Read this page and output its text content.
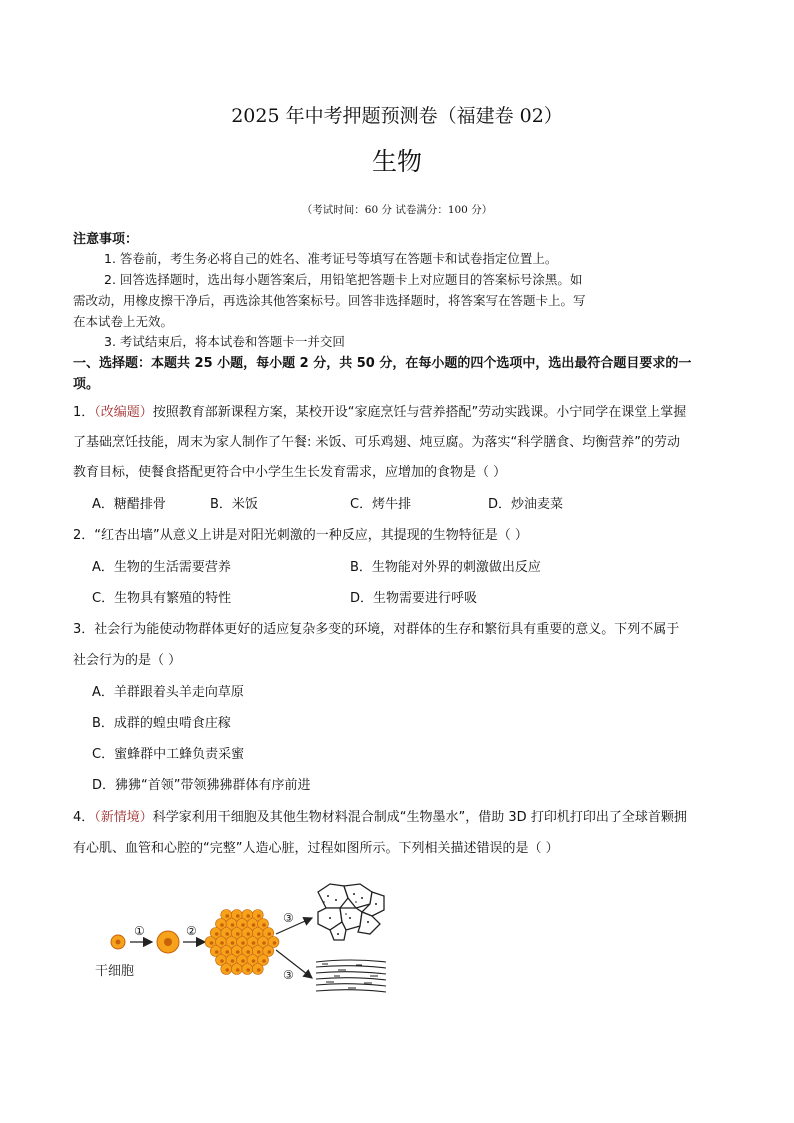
2025 年中考押题预测卷（福建卷 02）
生物
（考试时间：60 分 试卷满分：100 分）
注意事项：
1. 答卷前，考生务必将自己的姓名、准考证号等填写在答题卡和试卷指定位置上。
2. 回答选择题时，选出每小题答案后，用铅笔把答题卡上对应题目的答案标号涂黑。如
需改动，用橡皮擦干净后，再选涂其他答案标号。回答非选择题时，将答案写在答题卡上。写
在本试卷上无效。
3. 考试结束后，将本试卷和答题卡一并交回
一、选择题：本题共 25 小题，每小题 2 分，共 50 分，在每小题的四个选项中，选出最符合题目要求的一
项。
1．（改编题）按照教育部新课程方案，某校开设“家庭烹饪与营养搭配”劳动实践课。小宁同学在课堂上掌握
了基础烹饪技能，周末为家人制作了午餐: 米饭、可乐鸡翅、炖豆腐。为落实“科学膳食、均衡营养”的劳动
教育目标，使餐食搭配更符合中小学生生长发育需求，应增加的食物是（ ）
A．糖醋排骨	B．米饭	C．烤牛排	D．炒油麦菜
2．“红杏出墙”从意义上讲是对阳光刺激的一种反应，其提现的生物特征是（ ）
A．生物的生活需要营养	B．生物能对外界的刺激做出反应
C．生物具有繁殖的特性	D．生物需要进行呼吸
3．社会行为能使动物群体更好的适应复杂多变的环境，对群体的生存和繁衍具有重要的意义。下列不属于
社会行为的是（ ）
A．羊群跟着头羊走向草原
B．成群的蝗虫啃食庄稼
C．蜜蜂群中工蜂负责采蜜
D．狒狒“首领”带领狒狒群体有序前进
4．（新情境）科学家利用干细胞及其他生物材料混合制成“生物墨水”，借助 3D 打印机打印出了全球首颗拥
有心肌、血管和心腔的“完整”人造心脏，过程如图所示。下列相关描述错误的是（ ）
干细胞
①	②
③
③
